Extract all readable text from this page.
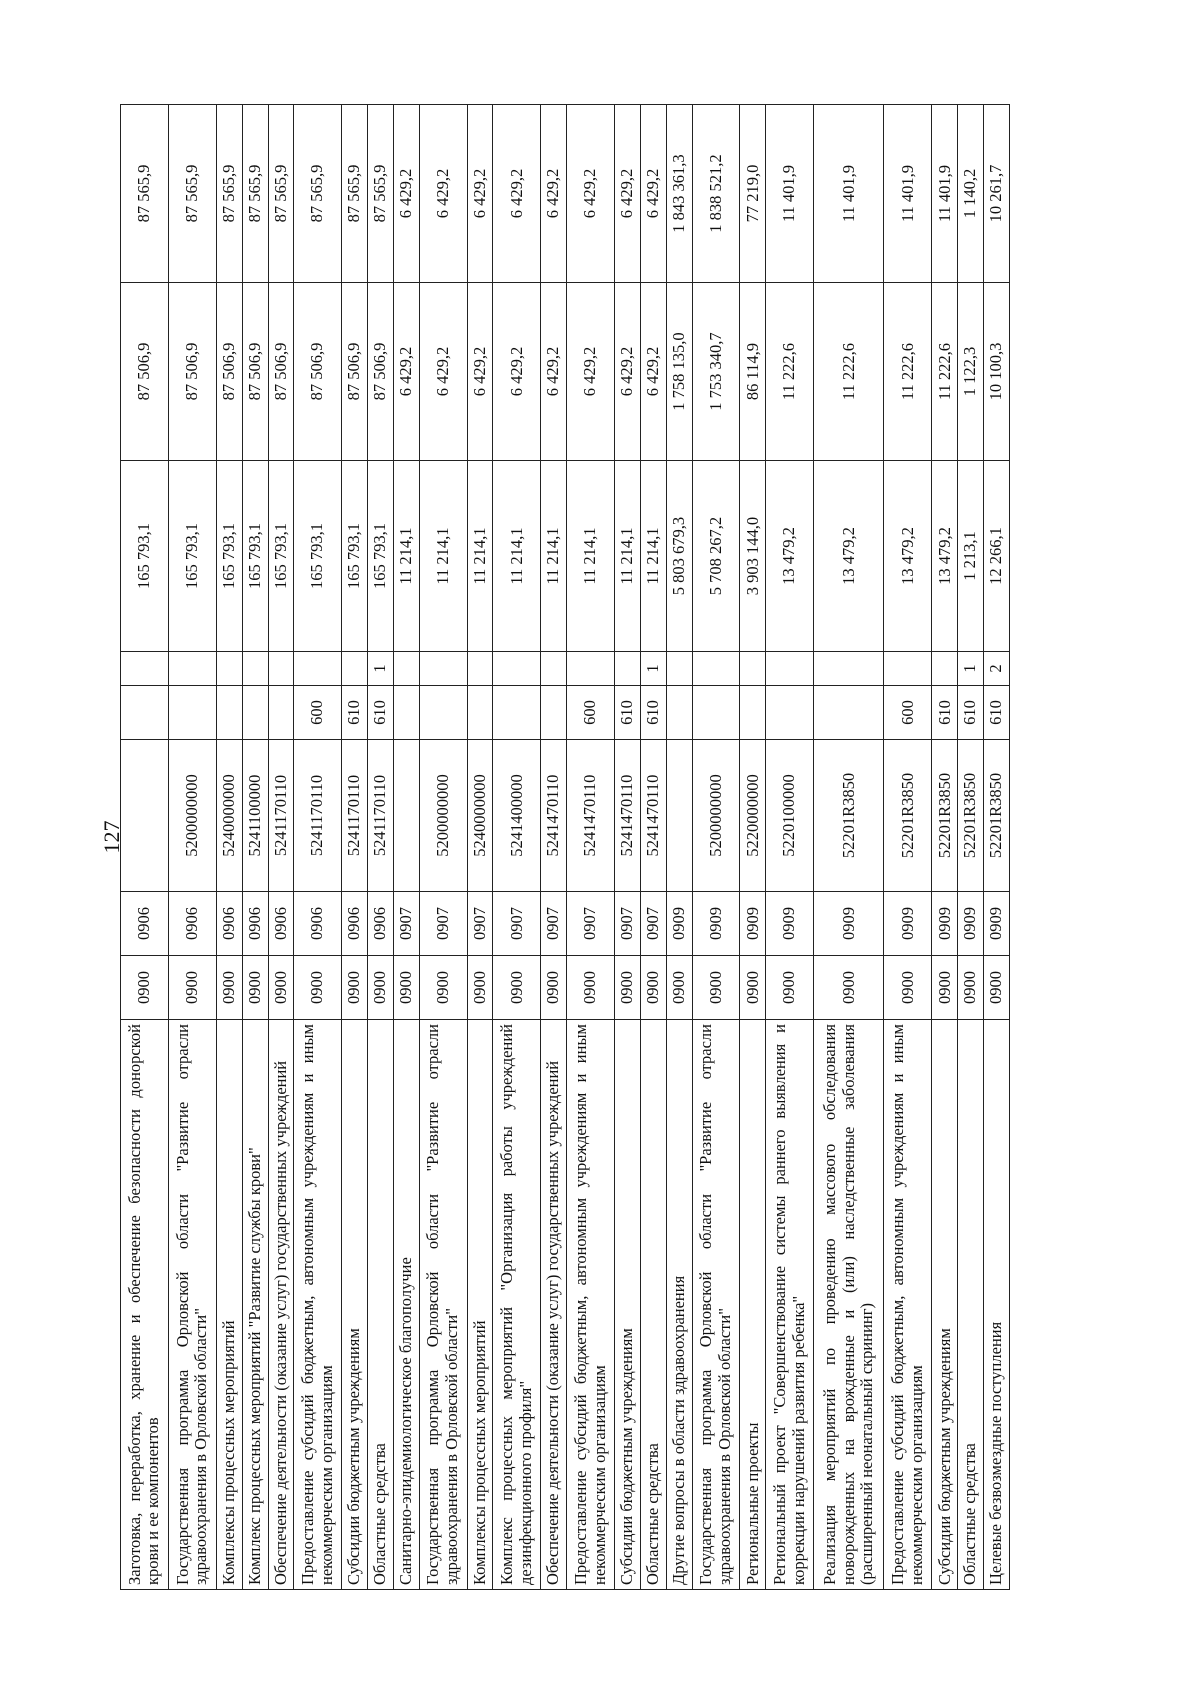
127
Заготовка, переработка, хранение и обеспечение безопасности донорской крови и ее компонентов	0900	0906				165 793,1	87 506,9	87 565,9
Государственная программа Орловской области "Развитие отрасли здравоохранения в Орловской области"	0900	0906	5200000000			165 793,1	87 506,9	87 565,9
Комплексы процессных мероприятий	0900	0906	5240000000			165 793,1	87 506,9	87 565,9
Комплекс процессных мероприятий "Развитие службы крови"	0900	0906	5241100000			165 793,1	87 506,9	87 565,9
Обеспечение деятельности (оказание услуг) государственных учреждений	0900	0906	5241170110			165 793,1	87 506,9	87 565,9
Предоставление субсидий бюджетным, автономным учреждениям и иным некоммерческим организациям	0900	0906	5241170110	600		165 793,1	87 506,9	87 565,9
Субсидии бюджетным учреждениям	0900	0906	5241170110	610		165 793,1	87 506,9	87 565,9
Областные средства	0900	0906	5241170110	610	1	165 793,1	87 506,9	87 565,9
Санитарно-эпидемиологическое благополучие	0900	0907				11 214,1	6 429,2	6 429,2
Государственная программа Орловской области "Развитие отрасли здравоохранения в Орловской области"	0900	0907	5200000000			11 214,1	6 429,2	6 429,2
Комплексы процессных мероприятий	0900	0907	5240000000			11 214,1	6 429,2	6 429,2
Комплекс процессных мероприятий "Организация работы учреждений дезинфекционного профиля"	0900	0907	5241400000			11 214,1	6 429,2	6 429,2
Обеспечение деятельности (оказание услуг) государственных учреждений	0900	0907	5241470110			11 214,1	6 429,2	6 429,2
Предоставление субсидий бюджетным, автономным учреждениям и иным некоммерческим организациям	0900	0907	5241470110	600		11 214,1	6 429,2	6 429,2
Субсидии бюджетным учреждениям	0900	0907	5241470110	610		11 214,1	6 429,2	6 429,2
Областные средства	0900	0907	5241470110	610	1	11 214,1	6 429,2	6 429,2
Другие вопросы в области здравоохранения	0900	0909				5 803 679,3	1 758 135,0	1 843 361,3
Государственная программа Орловской области "Развитие отрасли здравоохранения в Орловской области"	0900	0909	5200000000			5 708 267,2	1 753 340,7	1 838 521,2
Региональные проекты	0900	0909	5220000000			3 903 144,0	86 114,9	77 219,0
Региональный проект "Совершенствование системы раннего выявления и коррекции нарушений развития ребенка"	0900	0909	5220100000			13 479,2	11 222,6	11 401,9
Реализация мероприятий по проведению массового обследования новорожденных на врожденные и (или) наследственные заболевания (расширенный неонатальный скрининг)	0900	0909	52201R3850			13 479,2	11 222,6	11 401,9
Предоставление субсидий бюджетным, автономным учреждениям и иным некоммерческим организациям	0900	0909	52201R3850	600		13 479,2	11 222,6	11 401,9
Субсидии бюджетным учреждениям	0900	0909	52201R3850	610		13 479,2	11 222,6	11 401,9
Областные средства	0900	0909	52201R3850	610	1	1 213,1	1 122,3	1 140,2
Целевые безвозмездные поступления	0900	0909	52201R3850	610	2	12 266,1	10 100,3	10 261,7
